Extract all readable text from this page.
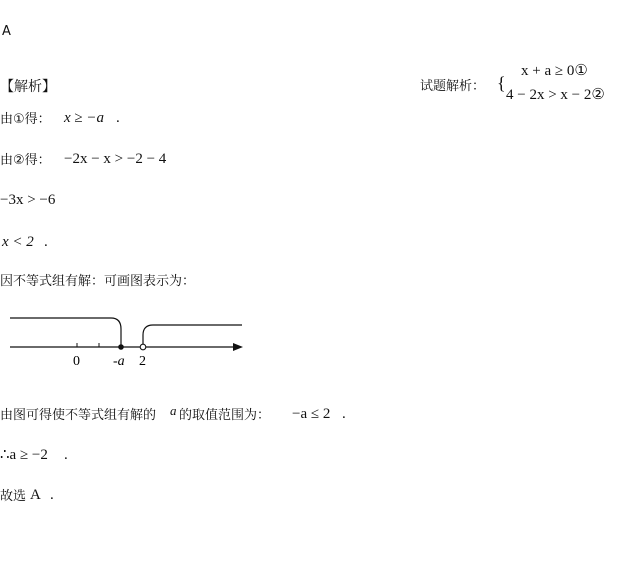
A
【解析】	试题解析： {
x + a ≥ 0①
4 − 2x > x − 2②
由①得： x ≥ −a .
由②得： −2x − x > −2 − 4
−3x > −6
x < 2 .
因不等式组有解：可画图表示为：
0 -a 2
由图可得使不等式组有解的 a 的取值范围为： −a ≤ 2 .
∴a ≥ −2 .
故选 A .
